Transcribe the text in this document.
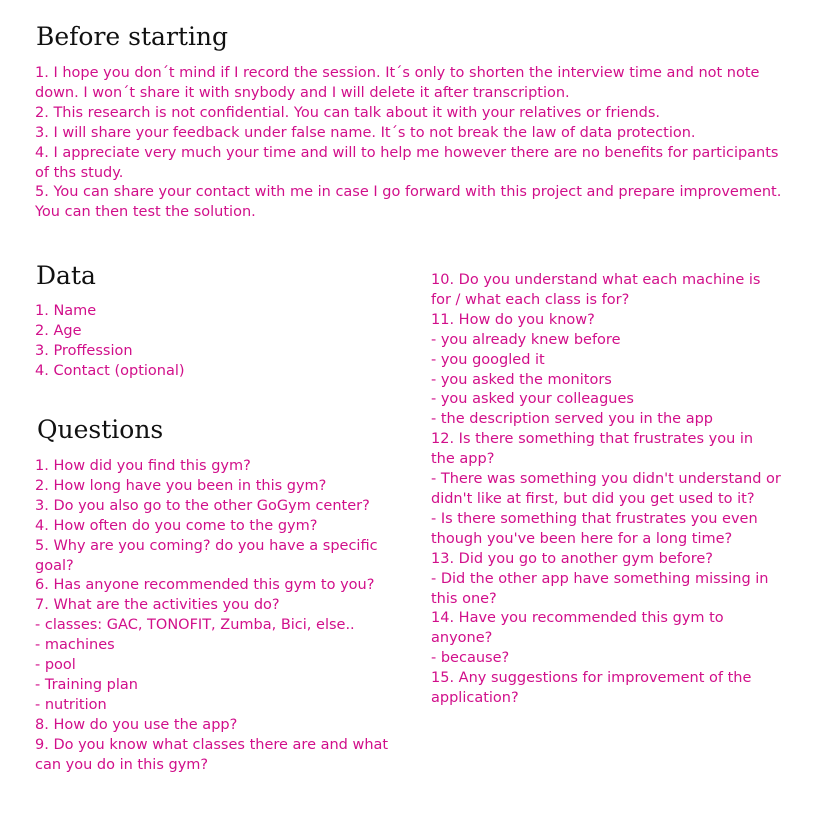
Before starting
1. I hope you don´t mind if I record the session. It´s only to shorten the interview time and not note down. I won´t share it with snybody and I will delete it after transcription.
2. This research is not confidential. You can talk about it with your relatives or friends.
3. I will share your feedback under false name. It´s to not break the law of data protection.
4. I appreciate very much your time and will to help me however there are no benefits for participants of ths study.
5. You can share your contact with me in case I go forward with this project and prepare improvement. You can then test the solution.
Data
1. Name
2. Age
3. Proffession
4. Contact (optional)
Questions
1. How did you find this gym?
2. How long have you been in this gym?
3. Do you also go to the other GoGym center?
4. How often do you come to the gym?
5. Why are you coming? do you have a specific goal?
6. Has anyone recommended this gym to you?
7. What are the activities you do?
- classes: GAC, TONOFIT, Zumba, Bici, else..
- machines
- pool
- Training plan
- nutrition
8. How do you use the app?
9. Do you know what classes there are and what can you do in this gym?
10. Do you understand what each machine is for / what each class is for?
11. How do you know?
- you already knew before
- you googled it
- you asked the monitors
- you asked your colleagues
- the description served you in the app
12. Is there something that frustrates you in the app?
- There was something you didn't understand or didn't like at first, but did you get used to it?
- Is there something that frustrates you even though you've been here for a long time?
13. Did you go to another gym before?
- Did the other app have something missing in this one?
14. Have you recommended this gym to anyone?
- because?
15. Any suggestions for improvement of the application?
